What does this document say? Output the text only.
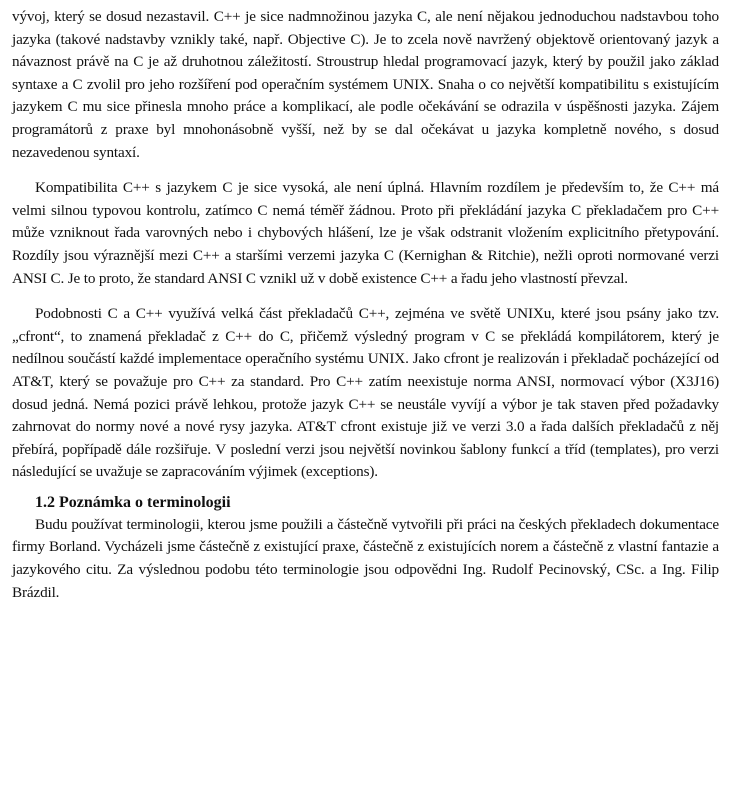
vývoj, který se dosud nezastavil. C++ je sice nadmnožinou jazyka C, ale není nějakou jednoduchou nadstavbou toho jazyka (takové nadstavby vznikly také, např. Objective C). Je to zcela nově navržený objektově orientovaný jazyk a návaznost právě na C je až druhotnou záležitostí. Stroustrup hledal programovací jazyk, který by použil jako základ syntaxe a C zvolil pro jeho rozšíření pod operačním systémem UNIX. Snaha o co největší kompatibilitu s existujícím jazykem C mu sice přinesla mnoho práce a komplikací, ale podle očekávání se odrazila v úspěšnosti jazyka. Zájem programátorů z praxe byl mnohonásobně vyšší, než by se dal očekávat u jazyka kompletně nového, s dosud nezavedenou syntaxí.

Kompatibilita C++ s jazykem C je sice vysoká, ale není úplná. Hlavním rozdílem je především to, že C++ má velmi silnou typovou kontrolu, zatímco C nemá téměř žádnou. Proto při překládání jazyka C překladačem pro C++ může vzniknout řada varovných nebo i chybových hlášení, lze je však odstranit vložením explicitního přetypování. Rozdíly jsou výraznější mezi C++ a staršími verzemi jazyka C (Kernighan & Ritchie), nežli oproti normované verzi ANSI C. Je to proto, že standard ANSI C vznikl už v době existence C++ a řadu jeho vlastností převzal.

Podobnosti C a C++ využívá velká část překladačů C++, zejména ve světě UNIXu, které jsou psány jako tzv. „cfront“, to znamená překladač z C++ do C, přičemž výsledný program v C se překládá kompilátorem, který je nedílnou součástí každé implementace operačního systému UNIX. Jako cfront je realizován i překladač pocházející od AT&T, který se považuje pro C++ za standard. Pro C++ zatím neexistuje norma ANSI, normovací výbor (X3J16) dosud jedná. Nemá pozici právě lehkou, protože jazyk C++ se neustále vyvíjí a výbor je tak staven před požadavky zahrnovat do normy nové a nové rysy jazyka. AT&T cfront existuje již ve verzi 3.0 a řada dalších překladačů z něj přebírá, popřípadě dále rozšiřuje. V poslední verzi jsou největší novinkou šablony funkcí a tříd (templates), pro verzi následující se uvažuje se zapracováním výjimek (exceptions).

1.2 Poznámka o terminologii

Budu používat terminologii, kterou jsme použili a částečně vytvořili při práci na českých překladech dokumentace firmy Borland. Vycházeli jsme částečně z existující praxe, částečně z existujících norem a částečně z vlastní fantazie a jazykového citu. Za výslednou podobu této terminologie jsou odpovědni Ing. Rudolf Pecinovský, CSc. a Ing. Filip Brázdil.
